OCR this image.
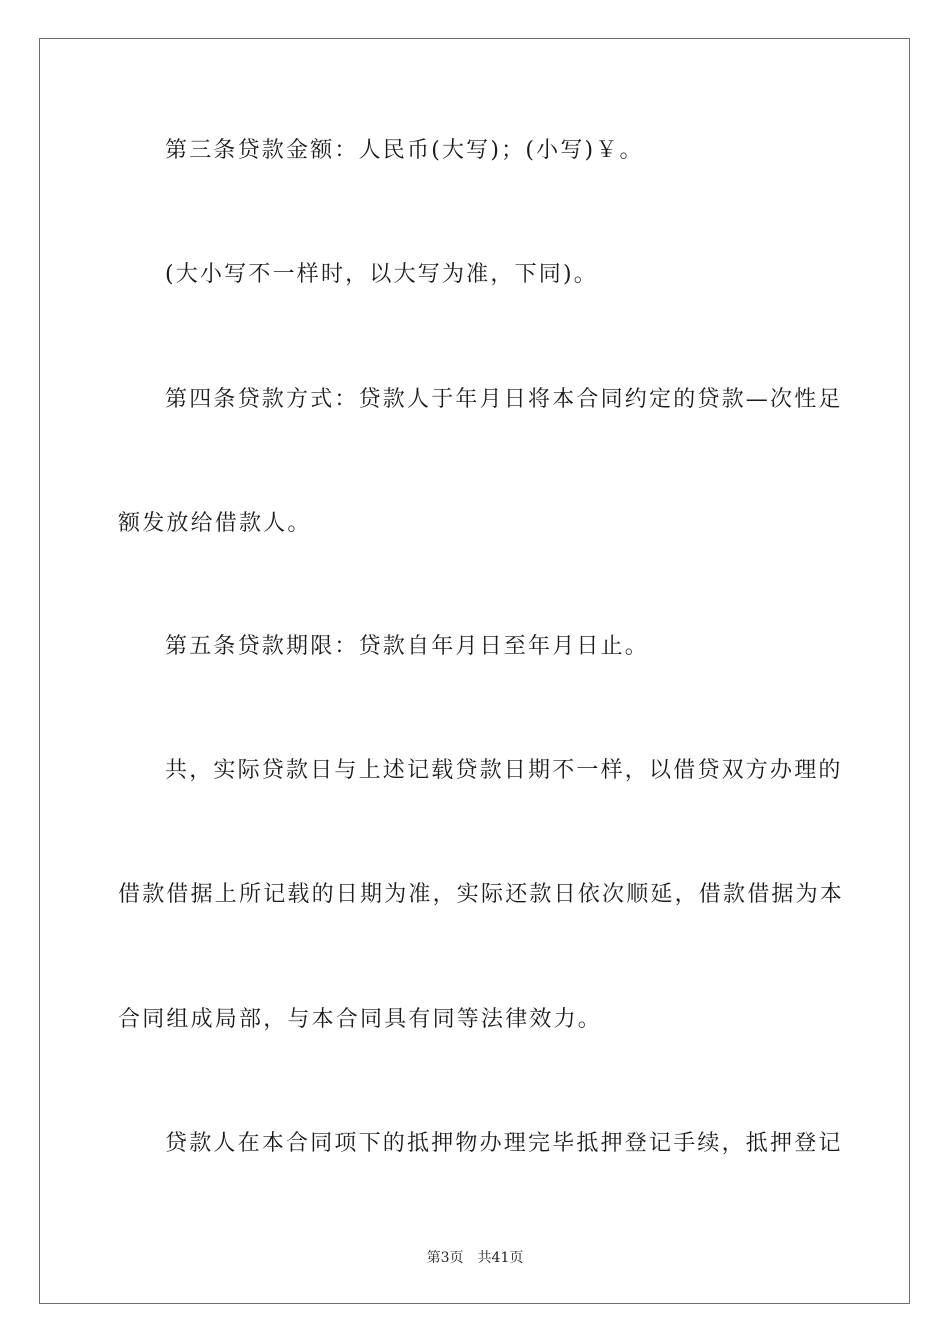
第三条贷款金额：人民币(大写)；(小写)￥。

(大小写不一样时，以大写为准，下同)。

第四条贷款方式：贷款人于年月日将本合同约定的贷款—次性足

额发放给借款人。

第五条贷款期限：贷款自年月日至年月日止。

共，实际贷款日与上述记载贷款日期不一样，以借贷双方办理的

借款借据上所记载的日期为准，实际还款日依次顺延，借款借据为本

合同组成局部，与本合同具有同等法律效力。

贷款人在本合同项下的抵押物办理完毕抵押登记手续，抵押登记

第3页 共41页
